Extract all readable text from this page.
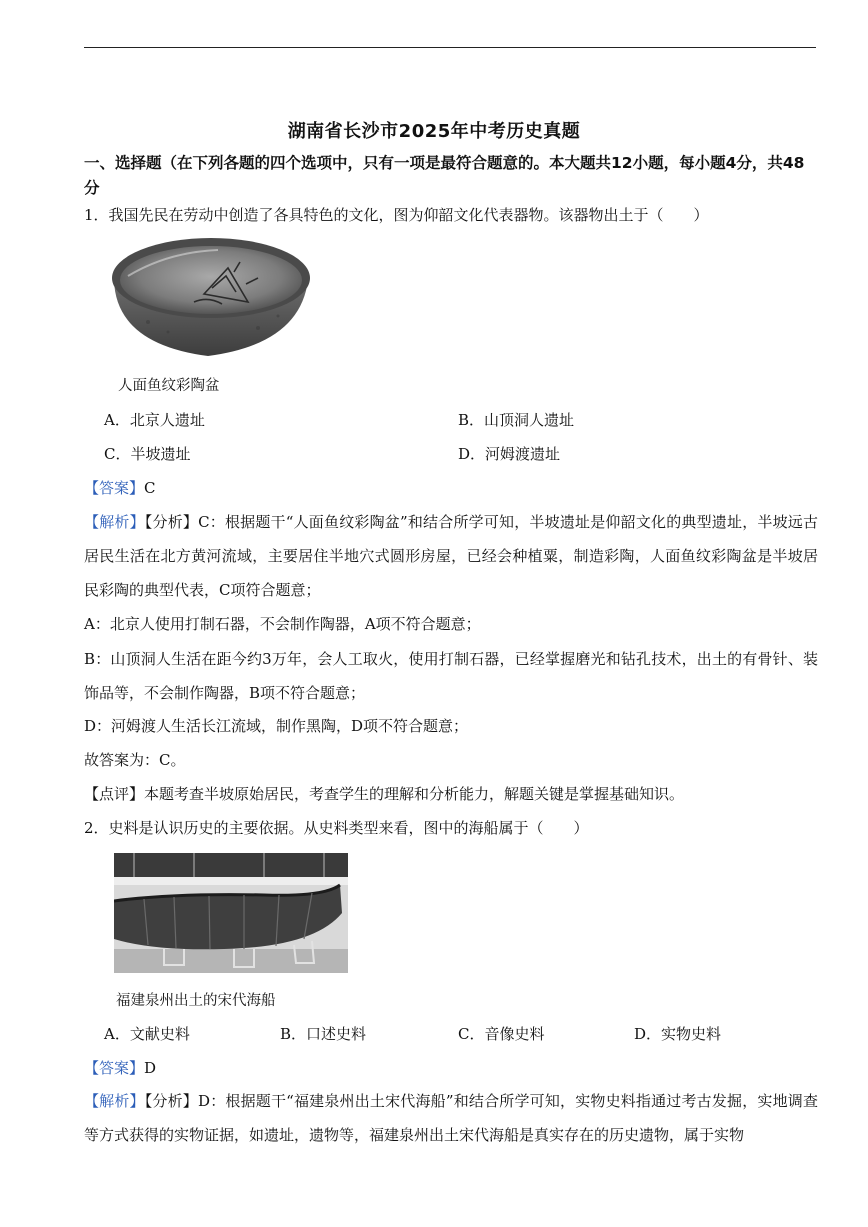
湖南省长沙市2025年中考历史真题
一、选择题（在下列各题的四个选项中，只有一项是最符合题意的。本大题共12小题，每小题4分，共48分
1．我国先民在劳动中创造了各具特色的文化，图为仰韶文化代表器物。该器物出土于（　　）
人面鱼纹彩陶盆
A．北京人遗址	B．山顶洞人遗址
C．半坡遗址	D．河姆渡遗址
【答案】C
【解析】【分析】C：根据题干“人面鱼纹彩陶盆”和结合所学可知，半坡遗址是仰韶文化的典型遗址，半坡远古居民生活在北方黄河流域，主要居住半地穴式圆形房屋，已经会种植粟，制造彩陶，人面鱼纹彩陶盆是半坡居民彩陶的典型代表，C项符合题意；
A：北京人使用打制石器，不会制作陶器，A项不符合题意；
B：山顶洞人生活在距今约3万年，会人工取火，使用打制石器，已经掌握磨光和钻孔技术，出土的有骨针、装饰品等，不会制作陶器，B项不符合题意；
D：河姆渡人生活长江流域，制作黑陶，D项不符合题意；
故答案为：C。
【点评】本题考查半坡原始居民，考查学生的理解和分析能力，解题关键是掌握基础知识。
2．史料是认识历史的主要依据。从史料类型来看，图中的海船属于（　　）
福建泉州出土的宋代海船
A．文献史料	B．口述史料	C．音像史料	D．实物史料
【答案】D
【解析】【分析】D：根据题干“福建泉州出土宋代海船”和结合所学可知，实物史料指通过考古发掘，实地调查等方式获得的实物证据，如遗址，遗物等，福建泉州出土宋代海船是真实存在的历史遗物，属于实物
